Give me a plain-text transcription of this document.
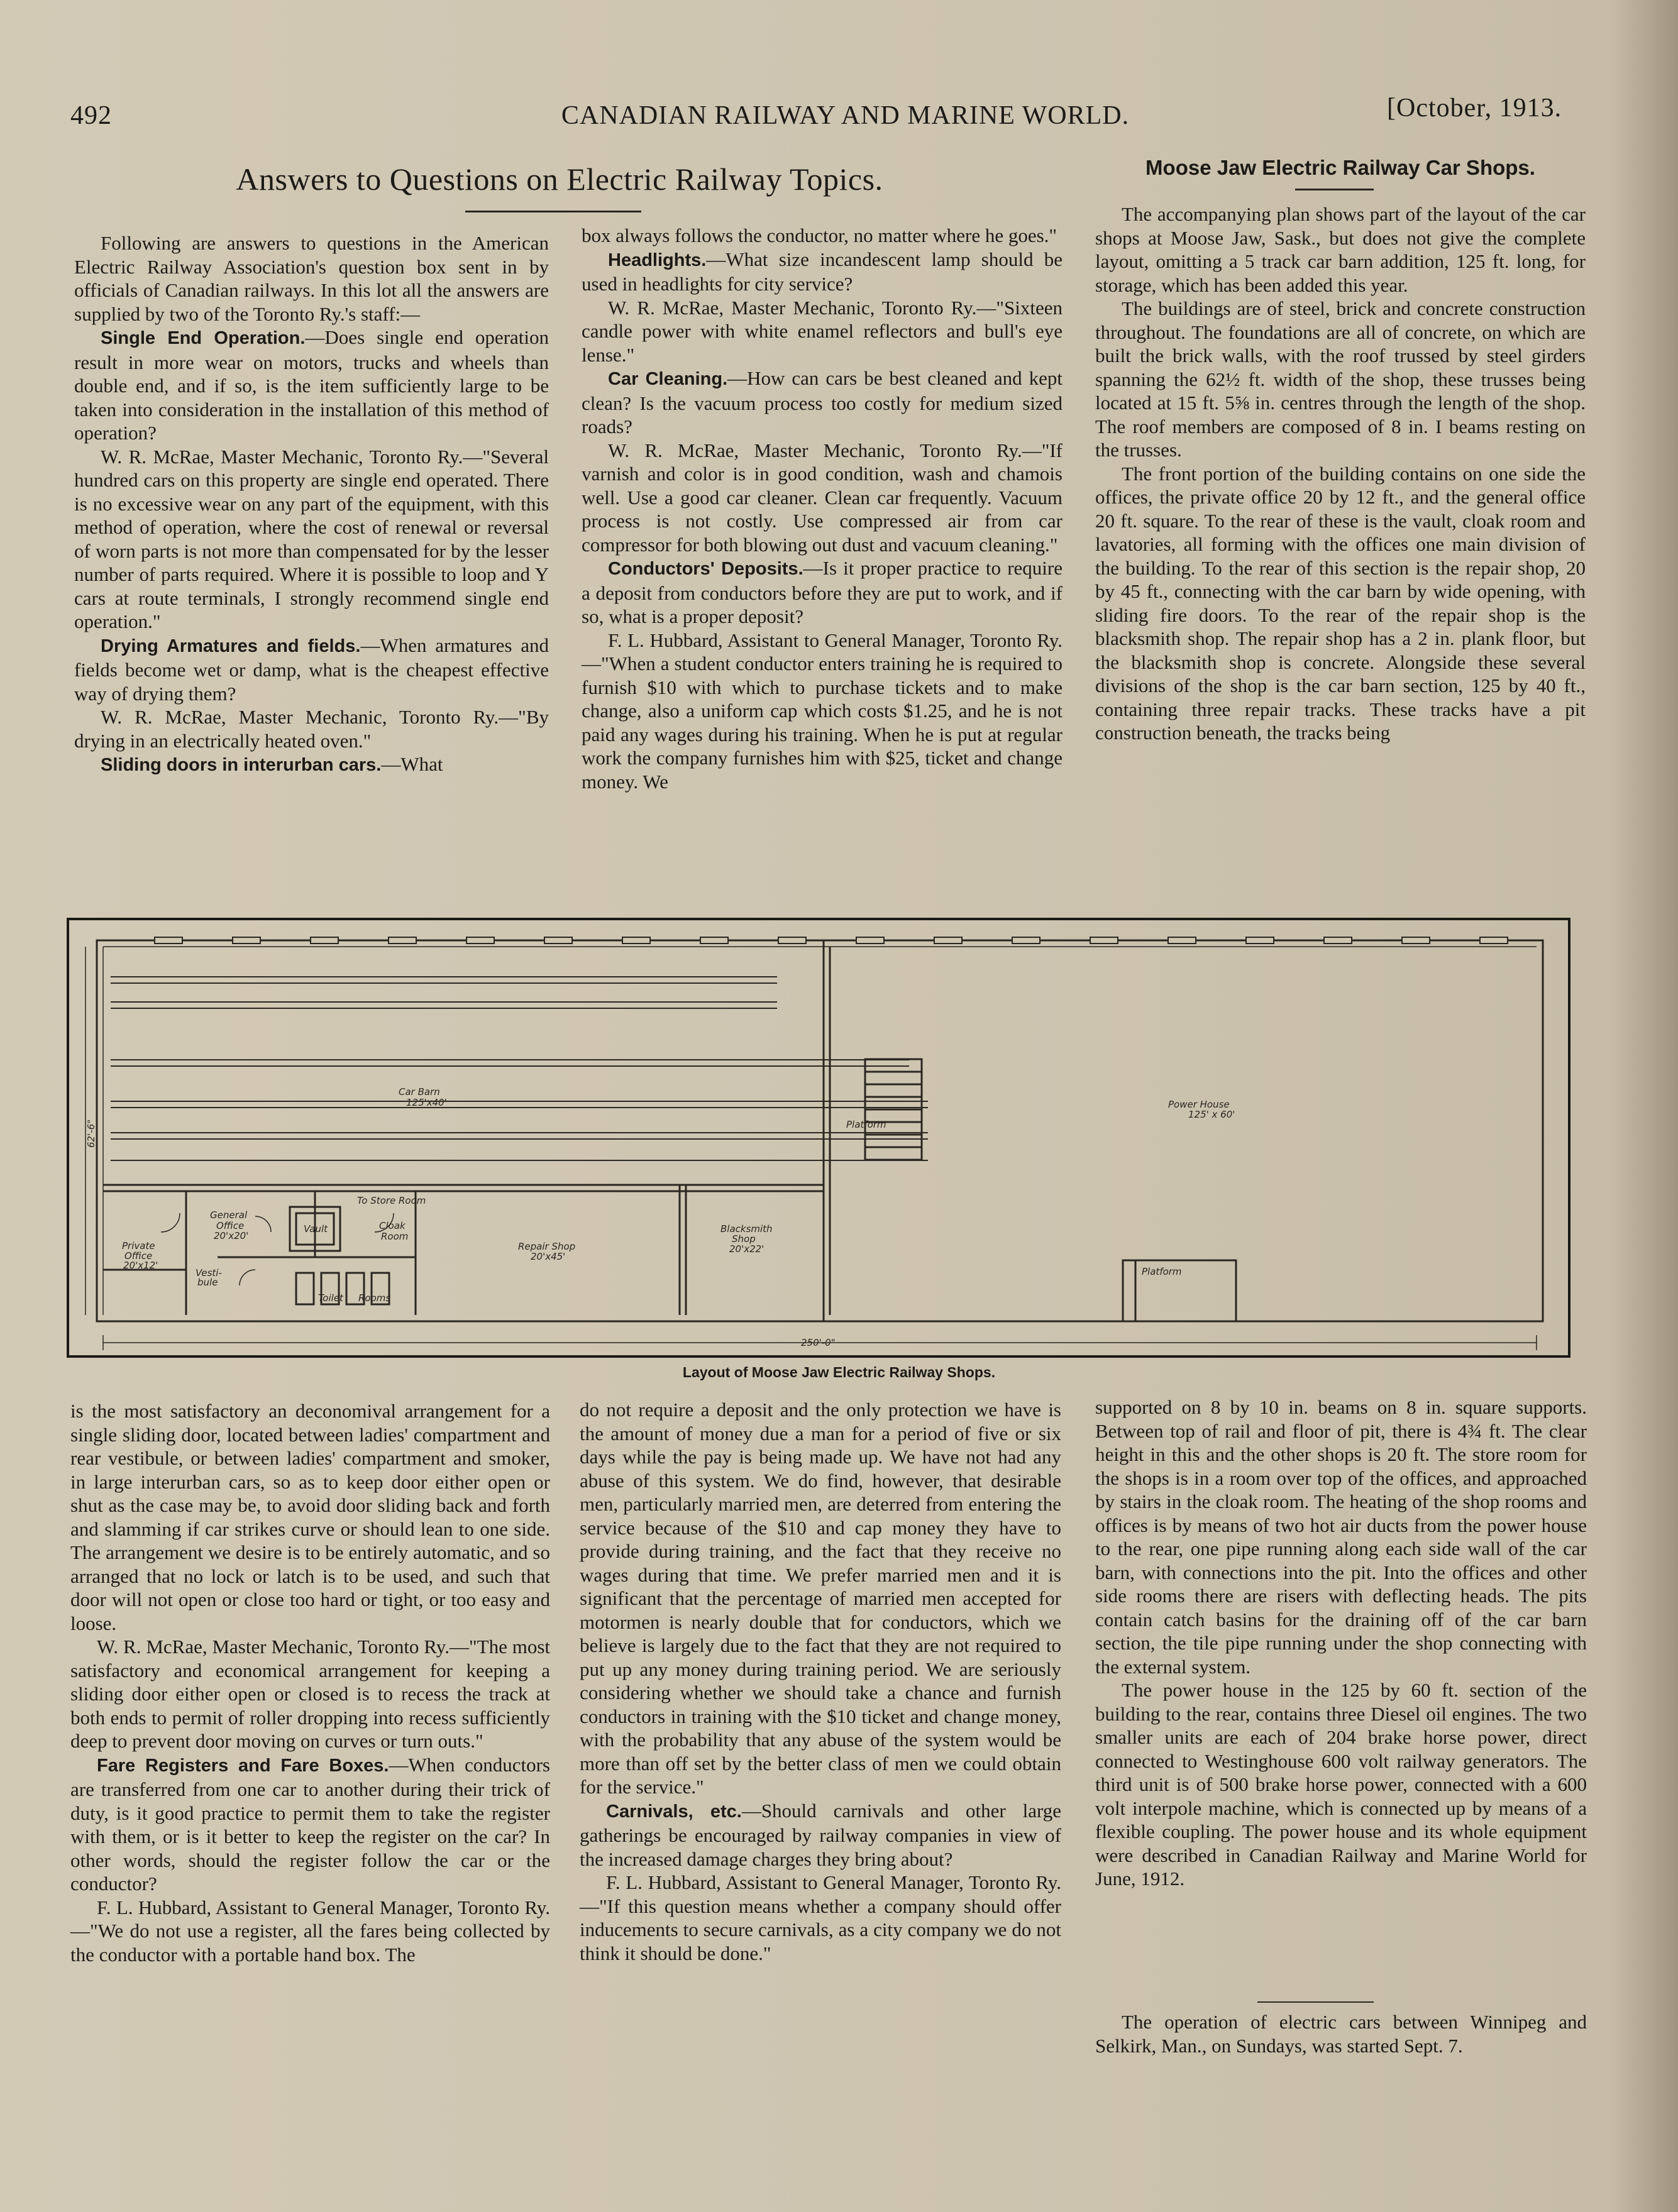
492	CANADIAN RAILWAY AND MARINE WORLD.	[October, 1913.
Answers to Questions on Electric Railway Topics.	Moose Jaw Electric Railway Car Shops.

Following are answers to questions in the American Electric Railway Association's question box sent in by officials of Canadian railways. In this lot all the answers are supplied by two of the Toronto Ry.'s staff:—

Single End Operation.—Does single end operation result in more wear on motors, trucks and wheels than double end, and if so, is the item sufficiently large to be taken into consideration in the installation of this method of operation?

W. R. McRae, Master Mechanic, Toronto Ry.—"Several hundred cars on this property are single end operated. There is no excessive wear on any part of the equipment, with this method of operation, where the cost of renewal or reversal of worn parts is not more than compensated for by the lesser number of parts required. Where it is possible to loop and Y cars at route terminals, I strongly recommend single end operation."

Drying Armatures and fields.—When armatures and fields become wet or damp, what is the cheapest effective way of drying them?

W. R. McRae, Master Mechanic, Toronto Ry.—"By drying in an electrically heated oven."

Sliding doors in interurban cars.—What

box always follows the conductor, no matter where he goes."

Headlights.—What size incandescent lamp should be used in headlights for city service?

W. R. McRae, Master Mechanic, Toronto Ry.—"Sixteen candle power with white enamel reflectors and bull's eye lense."

Car Cleaning.—How can cars be best cleaned and kept clean? Is the vacuum process too costly for medium sized roads?

W. R. McRae, Master Mechanic, Toronto Ry.—"If varnish and color is in good condition, wash and chamois well. Use a good car cleaner. Clean car frequently. Vacuum process is not costly. Use compressed air from car compressor for both blowing out dust and vacuum cleaning."

Conductors' Deposits.—Is it proper practice to require a deposit from conductors before they are put to work, and if so, what is a proper deposit?

F. L. Hubbard, Assistant to General Manager, Toronto Ry.—"When a student conductor enters training he is required to furnish $10 with which to purchase tickets and to make change, also a uniform cap which costs $1.25, and he is not paid any wages during his training. When he is put at regular work the company furnishes him with $25, ticket and change money. We

The accompanying plan shows part of the layout of the car shops at Moose Jaw, Sask., but does not give the complete layout, omitting a 5 track car barn addition, 125 ft. long, for storage, which has been added this year.

The buildings are of steel, brick and concrete construction throughout. The foundations are all of concrete, on which are built the brick walls, with the roof trussed by steel girders spanning the 62½ ft. width of the shop, these trusses being located at 15 ft. 5⅝ in. centres through the length of the shop. The roof members are composed of 8 in. I beams resting on the trusses.

The front portion of the building contains on one side the offices, the private office 20 by 12 ft., and the general office 20 ft. square. To the rear of these is the vault, cloak room and lavatories, all forming with the offices one main division of the building. To the rear of this section is the repair shop, 20 by 45 ft., connecting with the car barn by wide opening, with sliding fire doors. To the rear of the repair shop is the blacksmith shop. The repair shop has a 2 in. plank floor, but the blacksmith shop is concrete. Alongside these several divisions of the shop is the car barn section, 125 by 40 ft., containing three repair tracks. These tracks have a pit construction beneath, the tracks being

Car Barn
125'x40'	Power House
125' x 60'
Platform
Platform
General
Office
20'x20'
Private
Office
20'x12'
Vault
To Store Room
Cloak
Room
Vesti-
bule
Toilet Rooms
Repair Shop
20'x45'
Blacksmith
Shop
20'x22'
250'-0"
62'-6"
Layout of Moose Jaw Electric Railway Shops.

is the most satisfactory an deconomival arrangement for a single sliding door, located between ladies' compartment and rear vestibule, or between ladies' compartment and smoker, in large interurban cars, so as to keep door either open or shut as the case may be, to avoid door sliding back and forth and slamming if car strikes curve or should lean to one side. The arrangement we desire is to be entirely automatic, and so arranged that no lock or latch is to be used, and such that door will not open or close too hard or tight, or too easy and loose.

W. R. McRae, Master Mechanic, Toronto Ry.—"The most satisfactory and economical arrangement for keeping a sliding door either open or closed is to recess the track at both ends to permit of roller dropping into recess sufficiently deep to prevent door moving on curves or turn outs."

Fare Registers and Fare Boxes.—When conductors are transferred from one car to another during their trick of duty, is it good practice to permit them to take the register with them, or is it better to keep the register on the car? In other words, should the register follow the car or the conductor?

F. L. Hubbard, Assistant to General Manager, Toronto Ry.—"We do not use a register, all the fares being collected by the conductor with a portable hand box. The

do not require a deposit and the only protection we have is the amount of money due a man for a period of five or six days while the pay is being made up. We have not had any abuse of this system. We do find, however, that desirable men, particularly married men, are deterred from entering the service because of the $10 and cap money they have to provide during training, and the fact that they receive no wages during that time. We prefer married men and it is significant that the percentage of married men accepted for motormen is nearly double that for conductors, which we believe is largely due to the fact that they are not required to put up any money during training period. We are seriously considering whether we should take a chance and furnish conductors in training with the $10 ticket and change money, with the probability that any abuse of the system would be more than off set by the better class of men we could obtain for the service."

Carnivals, etc.—Should carnivals and other large gatherings be encouraged by railway companies in view of the increased damage charges they bring about?

F. L. Hubbard, Assistant to General Manager, Toronto Ry.—"If this question means whether a company should offer inducements to secure carnivals, as a city company we do not think it should be done."

supported on 8 by 10 in. beams on 8 in. square supports. Between top of rail and floor of pit, there is 4¾ ft. The clear height in this and the other shops is 20 ft. The store room for the shops is in a room over top of the offices, and approached by stairs in the cloak room. The heating of the shop rooms and offices is by means of two hot air ducts from the power house to the rear, one pipe running along each side wall of the car barn, with connections into the pit. Into the offices and other side rooms there are risers with deflecting heads. The pits contain catch basins for the draining off of the car barn section, the tile pipe running under the shop connecting with the external system.

The power house in the 125 by 60 ft. section of the building to the rear, contains three Diesel oil engines. The two smaller units are each of 204 brake horse power, direct connected to Westinghouse 600 volt railway generators. The third unit is of 500 brake horse power, connected with a 600 volt interpole machine, which is connected up by means of a flexible coupling. The power house and its whole equipment were described in Canadian Railway and Marine World for June, 1912.

The operation of electric cars between Winnipeg and Selkirk, Man., on Sundays, was started Sept. 7.
